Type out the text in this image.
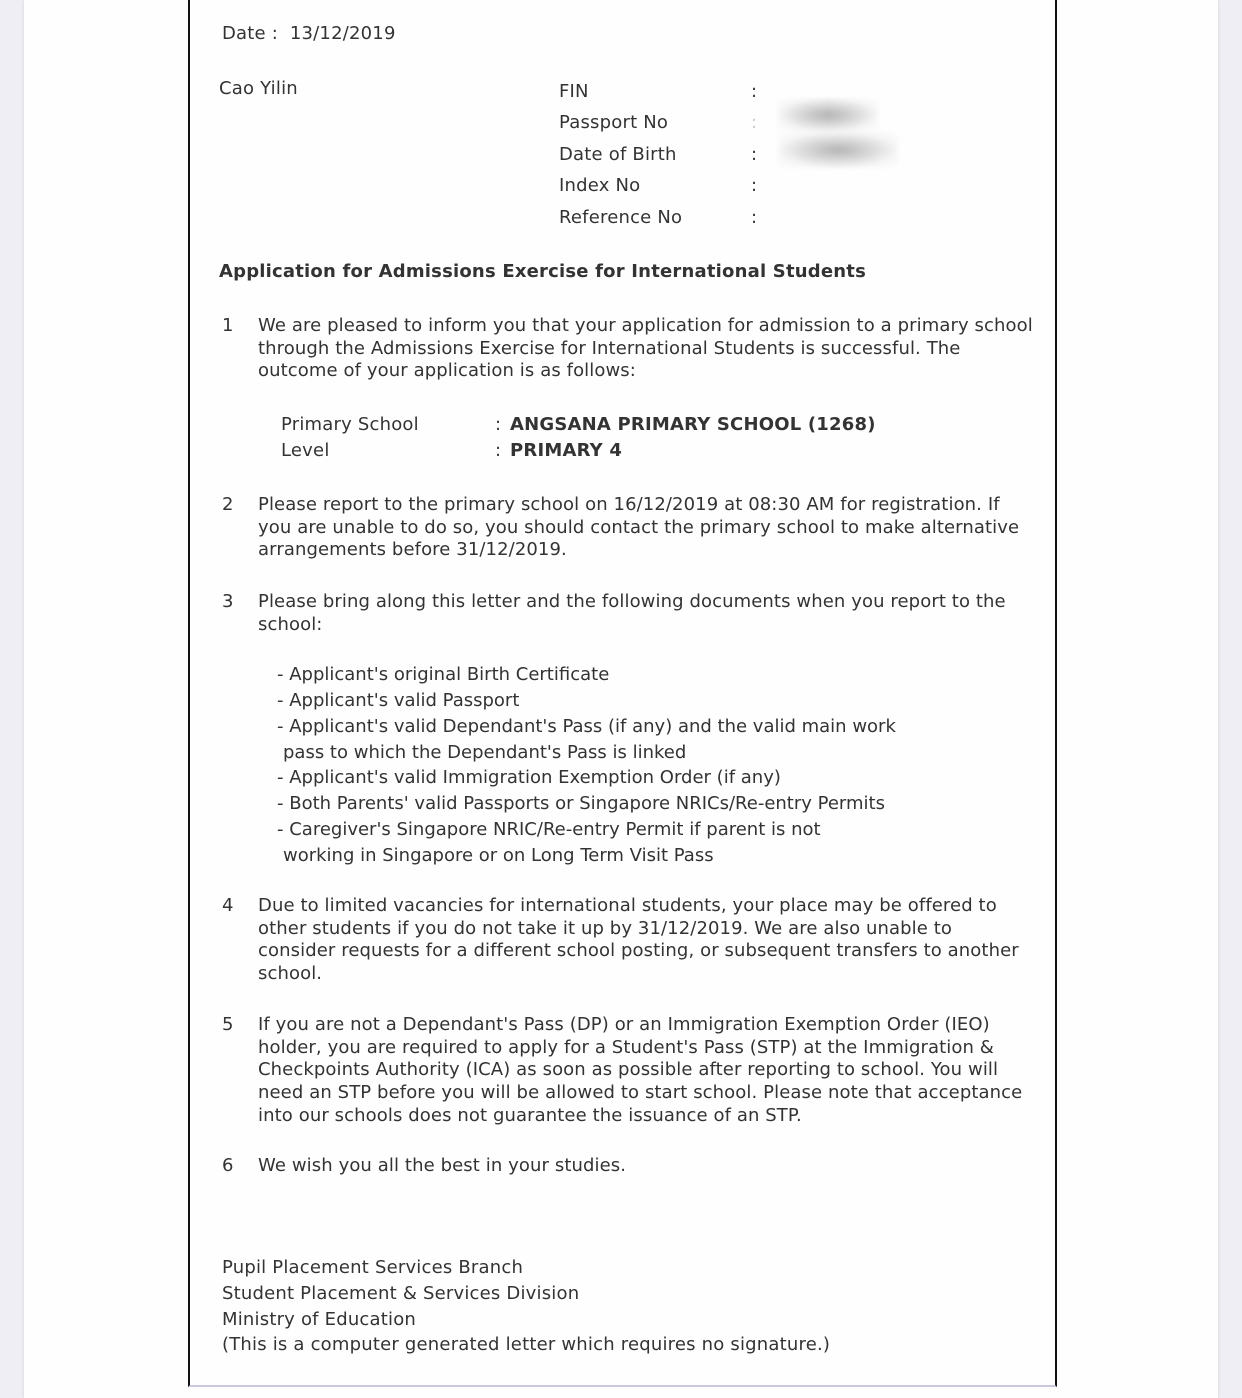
Date : 13/12/2019
Cao Yilin	FIN	:
Passport No	:
Date of Birth	:
Index No	:
Reference No	:
Application for Admissions Exercise for International Students
1 We are pleased to inform you that your application for admission to a primary school through the Admissions Exercise for International Students is successful. The outcome of your application is as follows:
Primary School	: ANGSANA PRIMARY SCHOOL (1268)
Level	: PRIMARY 4
2 Please report to the primary school on 16/12/2019 at 08:30 AM for registration. If you are unable to do so, you should contact the primary school to make alternative arrangements before 31/12/2019.
3 Please bring along this letter and the following documents when you report to the school:
- Applicant's original Birth Certificate
- Applicant's valid Passport
- Applicant's valid Dependant's Pass (if any) and the valid main work
pass to which the Dependant's Pass is linked
- Applicant's valid Immigration Exemption Order (if any)
- Both Parents' valid Passports or Singapore NRICs/Re-entry Permits
- Caregiver's Singapore NRIC/Re-entry Permit if parent is not
working in Singapore or on Long Term Visit Pass
4 Due to limited vacancies for international students, your place may be offered to other students if you do not take it up by 31/12/2019. We are also unable to consider requests for a different school posting, or subsequent transfers to another school.
5 If you are not a Dependant's Pass (DP) or an Immigration Exemption Order (IEO) holder, you are required to apply for a Student's Pass (STP) at the Immigration & Checkpoints Authority (ICA) as soon as possible after reporting to school. You will need an STP before you will be allowed to start school. Please note that acceptance into our schools does not guarantee the issuance of an STP.
6 We wish you all the best in your studies.
Pupil Placement Services Branch
Student Placement & Services Division
Ministry of Education
(This is a computer generated letter which requires no signature.)
